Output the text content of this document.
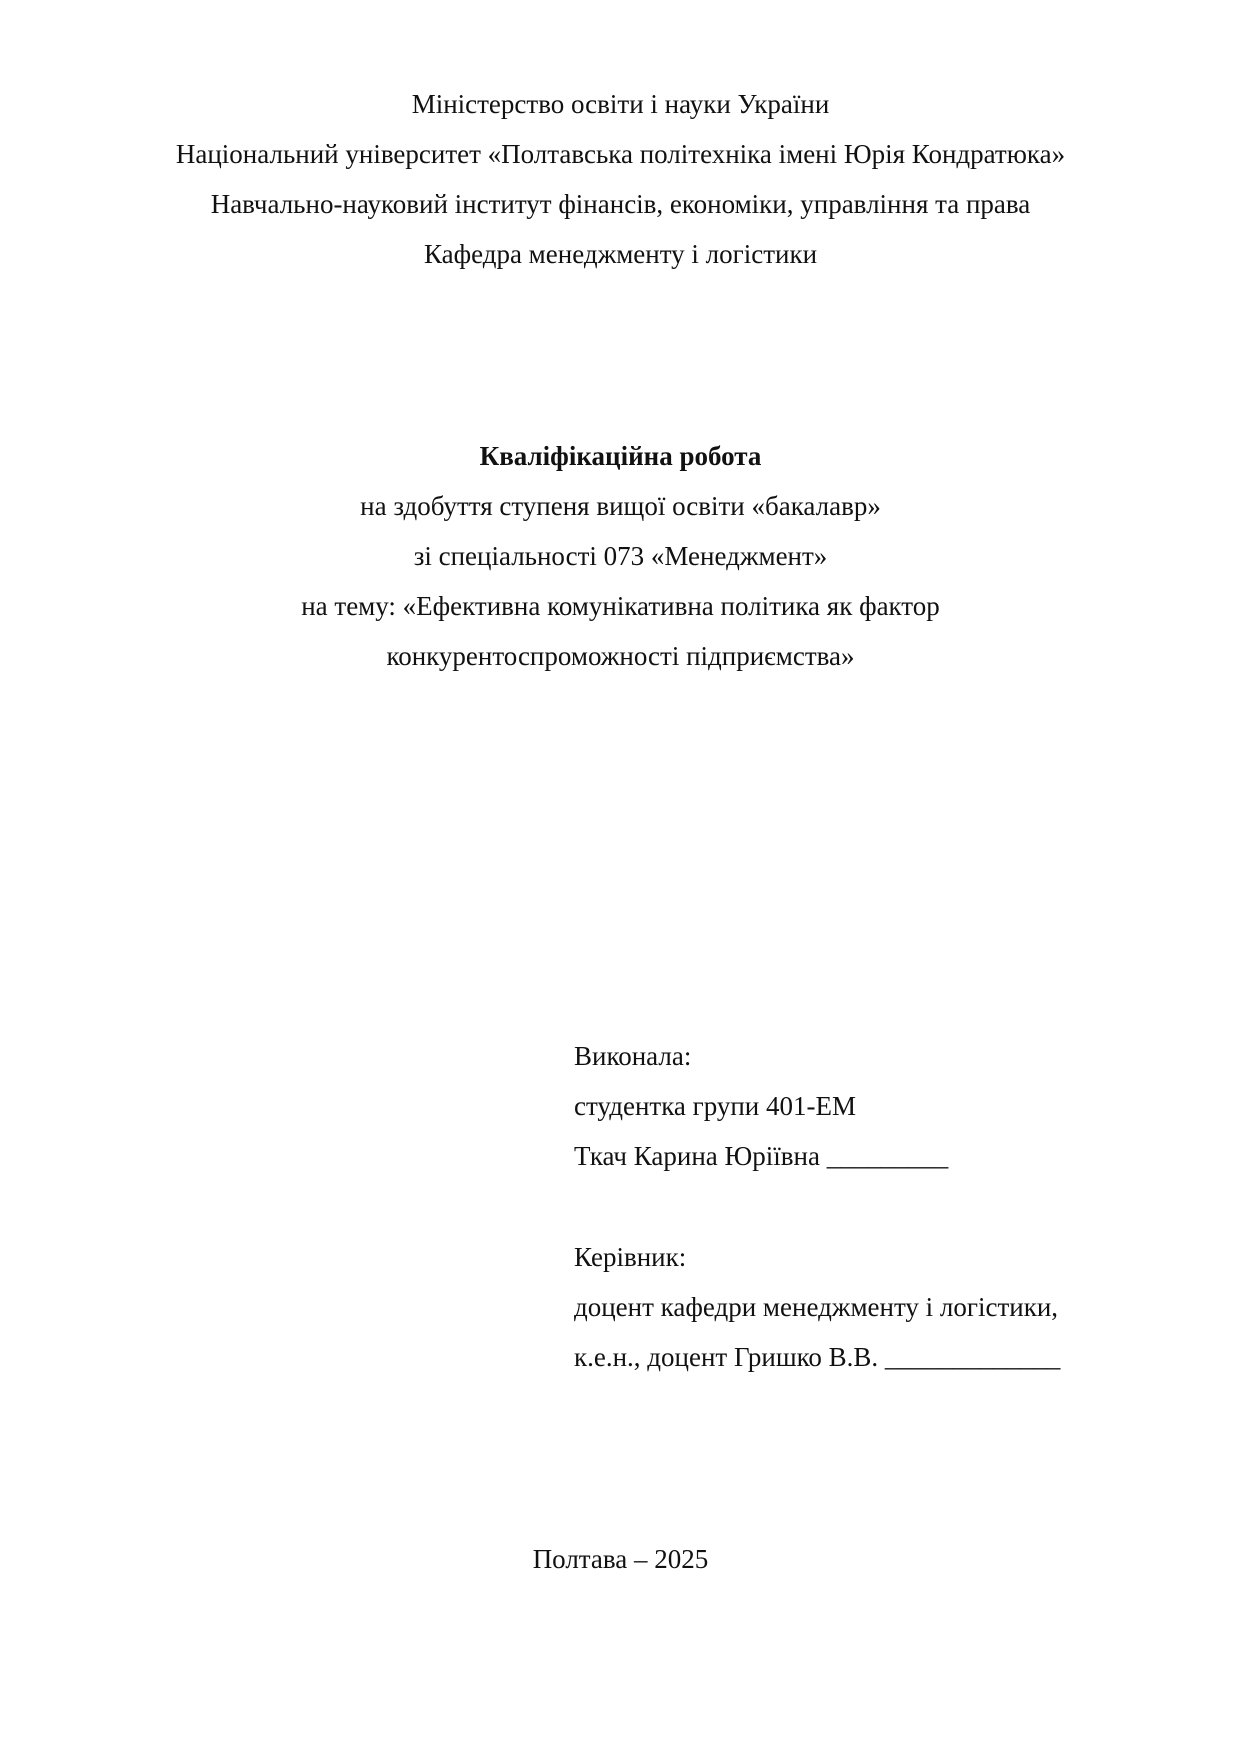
Міністерство освіти і науки України
Національний університет «Полтавська політехніка імені Юрія Кондратюка»
Навчально-науковий інститут фінансів, економіки, управління та права
Кафедра менеджменту і логістики
Кваліфікаційна робота
на здобуття ступеня вищої освіти «бакалавр»
зі спеціальності 073 «Менеджмент»
на тему: «Ефективна комунікативна політика як фактор
конкурентоспроможності підприємства»
Виконала:
студентка групи 401-ЕМ
Ткач Карина Юріївна _________
Керівник:
доцент кафедри менеджменту і логістики,
к.е.н., доцент Гришко В.В. _____________
Полтава – 2025
